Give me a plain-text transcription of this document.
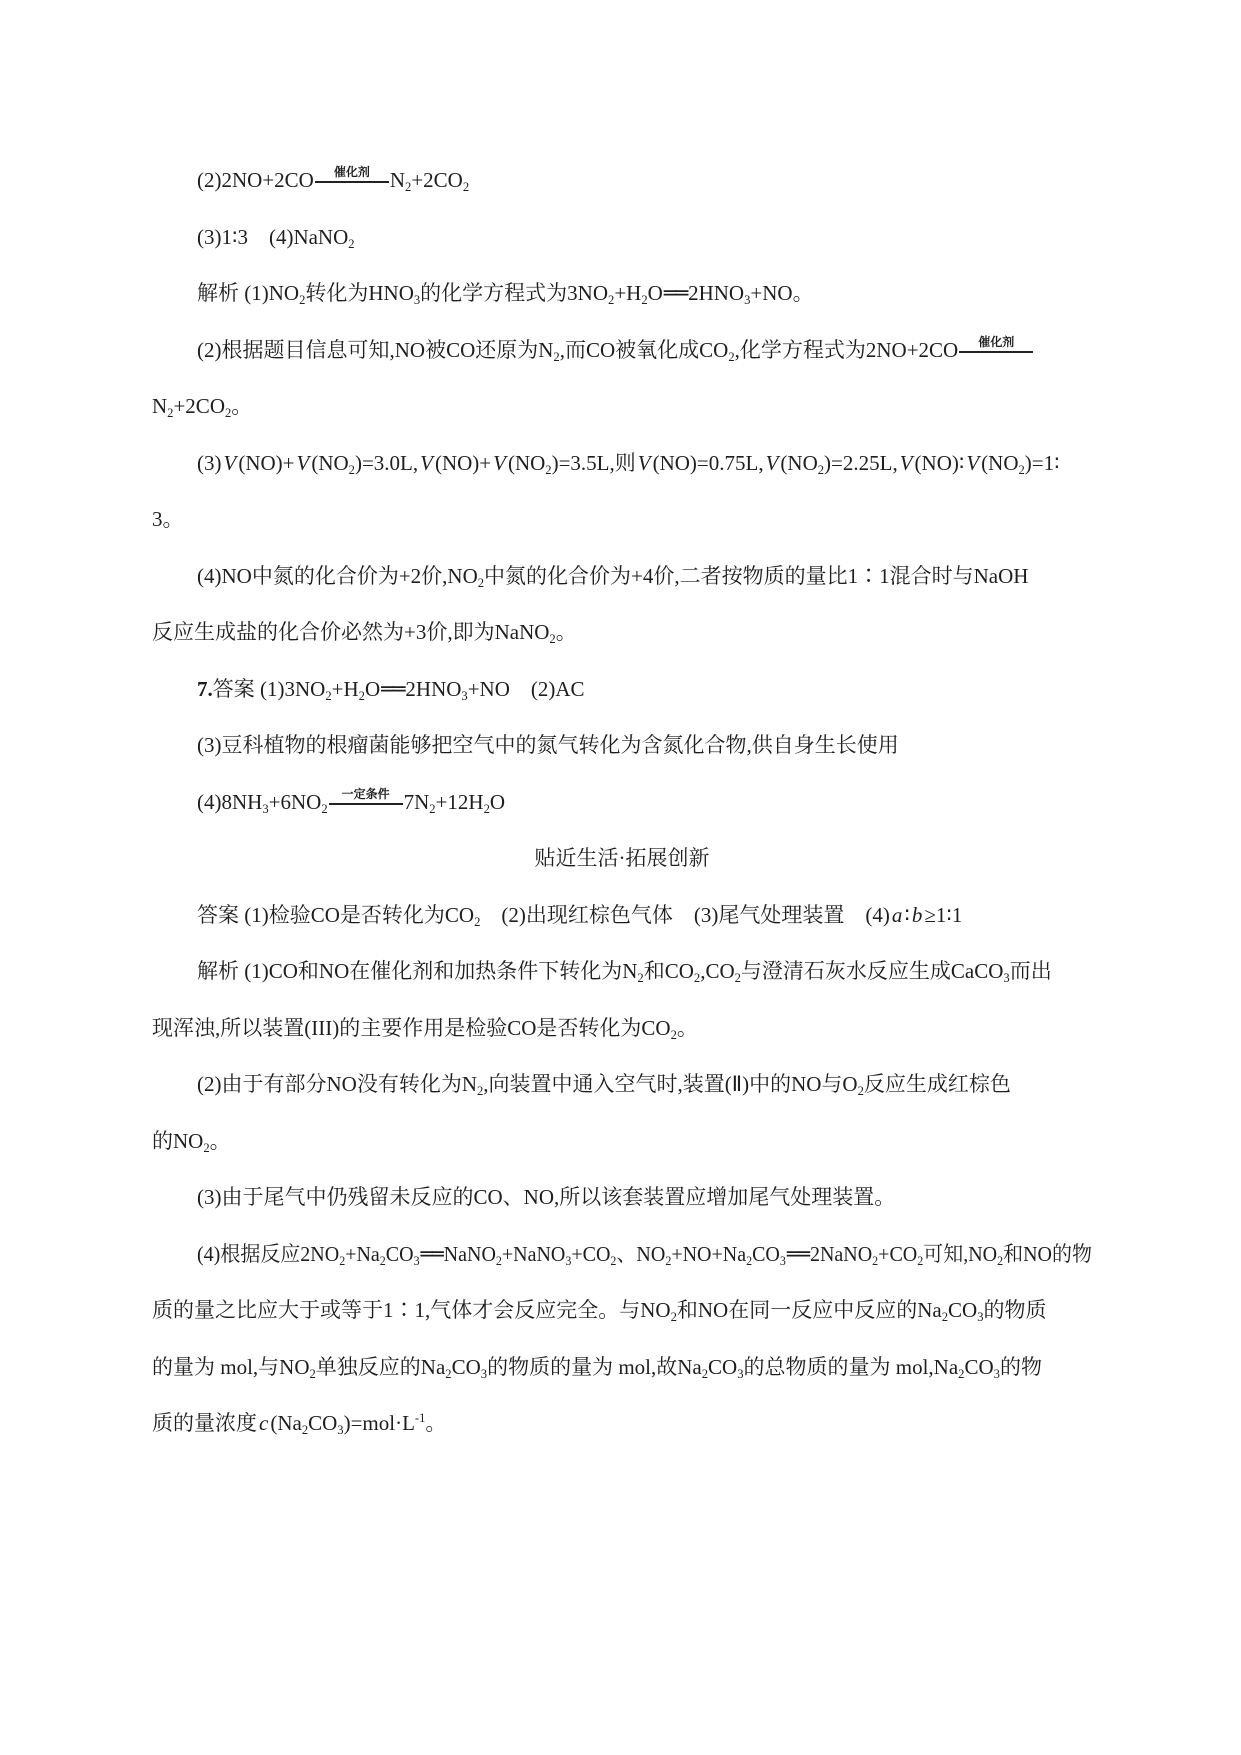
(2)2NO+2CO 催化剂 $N_2+2CO_2$
(3)1∶3　(4)NaNO$_2$
解析 $(1)NO_2$转化为$HNO_3$的化学方程式为$3NO_2+H_2O══2HNO_3+NO$。
(2)根据题目信息可知,NO被CO还原为$N_2$,而CO被氧化成$CO_2$,化学方程式为2NO+2CO 催化剂
$N_2+2CO_2$。
$(3)V(NO)+V(NO_2)=3.0L,V(NO)+V(NO_2)=3.5L$,则$V(NO)=0.75L,V(NO_2)=2.25L,V(NO)∶V(NO_2)=1∶$
3。
(4)NO中氮的化合价为+2价$,NO_2$中氮的化合价为+4价,二者按物质的量比1∶1混合时与NaOH
反应生成盐的化合价必然为+3价,即为NaNO$_2$。
7.答案 $(1)3NO_2+H_2O══2HNO_3+NO$　(2)AC
(3)豆科植物的根瘤菌能够把空气中的氮气转化为含氮化合物,供自身生长使用
$(4)8NH_3+6NO_2$一定条件 $7N_2+12H_2O$
贴近生活·拓展创新
答案 (1)检验CO是否转化为$CO_2$　(2)出现红棕色气体　(3)尾气处理装置　(4)a∶b≥1∶1
解析 (1)CO和NO在催化剂和加热条件下转化为$N_2$和$CO_2,CO_2$与澄清石灰水反应生成CaCO$_3$而出
现浑浊,所以装置(III)的主要作用是检验CO是否转化为$CO_2$。
(2)由于有部分NO没有转化为$N_2$,向装置中通入空气时,装置(Ⅱ)中的NO与$O_2$反应生成红棕色
的$NO_2$。
(3)由于尾气中仍残留未反应的CO、NO,所以该套装置应增加尾气处理装置。
(4)根据反应$2NO_2+Na_2CO_3══NaNO_2+NaNO_3+CO_2$、$NO_2+NO+Na_2CO_3══2NaNO_2+CO_2$可知$,NO_2$和NO的物
质的量之比应大于或等于1∶1,气体才会反应完全。与$NO_2$和NO在同一反应中反应的$Na_2CO_3$的物质
的量为 mol,与$NO_2$单独反应的$Na_2CO_3$的物质的量为 mol,故$Na_2CO_3$的总物质的量为 $mol,Na_2CO_3$的物
质的量浓度$c(Na_2CO_3)=mol\cdot L^{-1}$。
